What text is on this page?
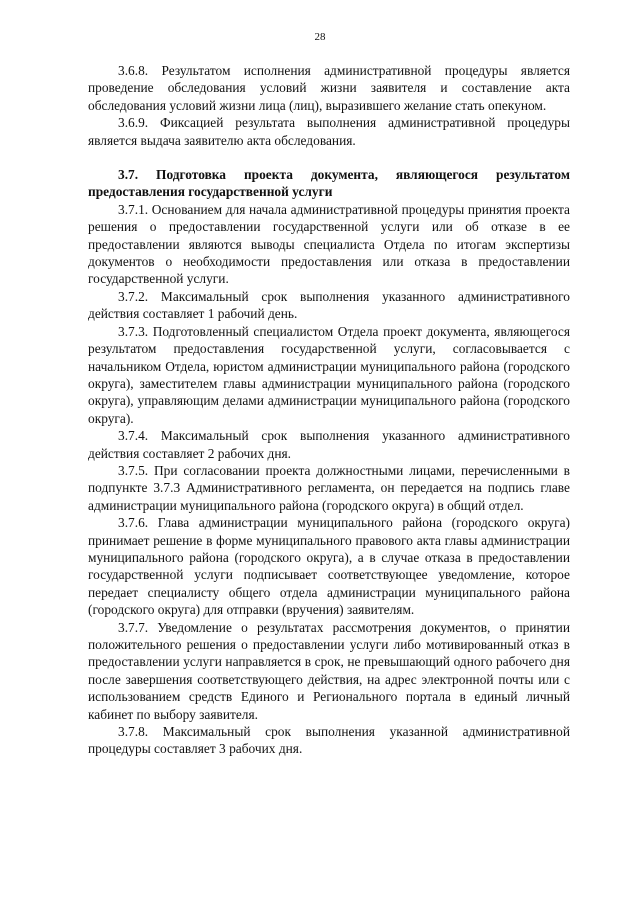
28

3.6.8. Результатом исполнения административной процедуры является проведение обследования условий жизни заявителя и составление акта обследования условий жизни лица (лиц), выразившего желание стать опекуном.

3.6.9. Фиксацией результата выполнения административной процедуры является выдача заявителю акта обследования.

3.7. Подготовка проекта документа, являющегося результатом предоставления государственной услуги

3.7.1. Основанием для начала административной процедуры принятия проекта решения о предоставлении государственной услуги или об отказе в ее предоставлении являются выводы специалиста Отдела по итогам экспертизы документов о необходимости предоставления или отказа в предоставлении государственной услуги.

3.7.2. Максимальный срок выполнения указанного административного действия составляет 1 рабочий день.

3.7.3. Подготовленный специалистом Отдела проект документа, являющегося результатом предоставления государственной услуги, согласовывается с начальником Отдела, юристом администрации муниципального района (городского округа), заместителем главы администрации муниципального района (городского округа), управляющим делами администрации муниципального района (городского округа).

3.7.4. Максимальный срок выполнения указанного административного действия составляет 2 рабочих дня.

3.7.5. При согласовании проекта должностными лицами, перечисленными в подпункте 3.7.3 Административного регламента, он передается на подпись главе администрации муниципального района (городского округа) в общий отдел.

3.7.6. Глава администрации муниципального района (городского округа) принимает решение в форме муниципального правового акта главы администрации муниципального района (городского округа), а в случае отказа в предоставлении государственной услуги подписывает соответствующее уведомление, которое передает специалисту общего отдела администрации муниципального района (городского округа) для отправки (вручения) заявителям.

3.7.7. Уведомление о результатах рассмотрения документов, о принятии положительного решения о предоставлении услуги либо мотивированный отказ в предоставлении услуги направляется в срок, не превышающий одного рабочего дня после завершения соответствующего действия, на адрес электронной почты или с использованием средств Единого и Регионального портала в единый личный кабинет по выбору заявителя.

3.7.8. Максимальный срок выполнения указанной административной процедуры составляет 3 рабочих дня.
